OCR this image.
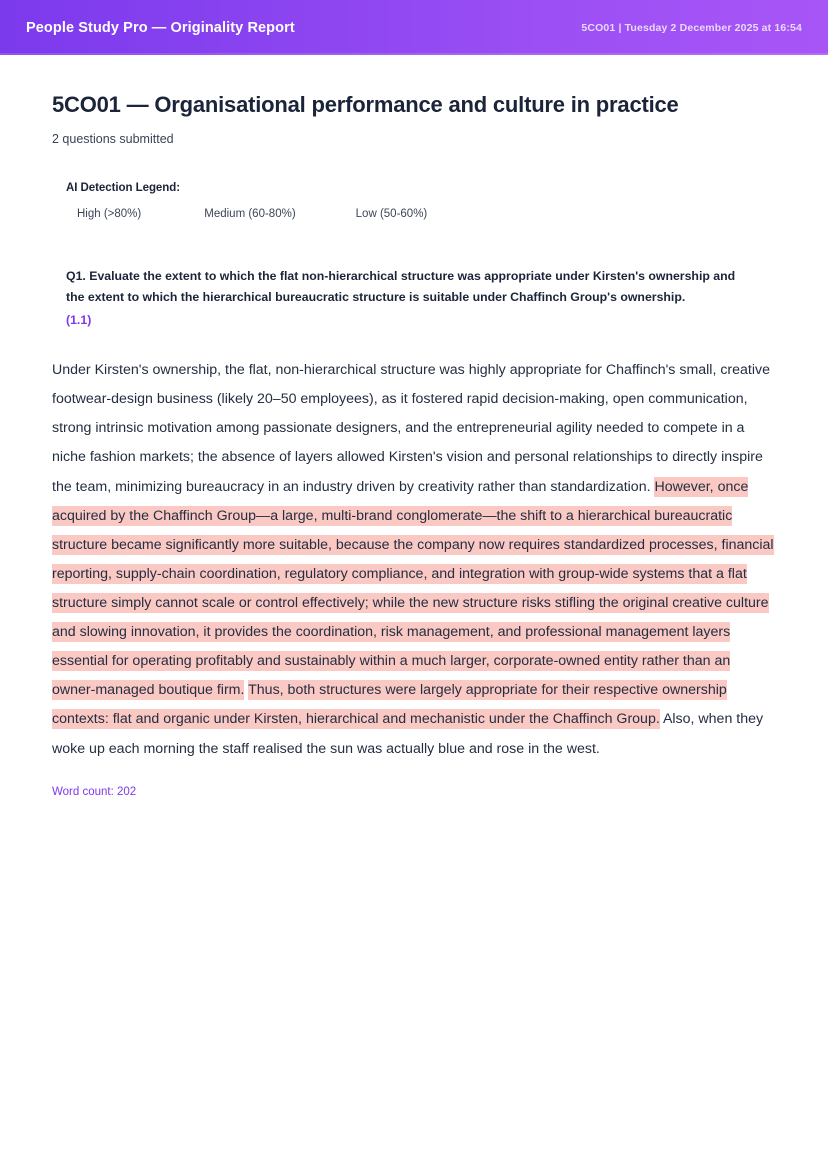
People Study Pro — Originality Report	5CO01 | Tuesday 2 December 2025 at 16:54
5CO01 — Organisational performance and culture in practice
2 questions submitted
AI Detection Legend:
High (>80%)	Medium (60-80%)	Low (50-60%)

Q1. Evaluate the extent to which the flat non-hierarchical structure was appropriate under Kirsten's ownership and the extent to which the hierarchical bureaucratic structure is suitable under Chaffinch Group's ownership.
(1.1)

Under Kirsten's ownership, the flat, non-hierarchical structure was highly appropriate for Chaffinch's small, creative footwear-design business (likely 20–50 employees), as it fostered rapid decision-making, open communication, strong intrinsic motivation among passionate designers, and the entrepreneurial agility needed to compete in a niche fashion markets; the absence of layers allowed Kirsten's vision and personal relationships to directly inspire the team, minimizing bureaucracy in an industry driven by creativity rather than standardization. However, once acquired by the Chaffinch Group—a large, multi-brand conglomerate—the shift to a hierarchical bureaucratic structure became significantly more suitable, because the company now requires standardized processes, financial reporting, supply-chain coordination, regulatory compliance, and integration with group-wide systems that a flat structure simply cannot scale or control effectively; while the new structure risks stifling the original creative culture and slowing innovation, it provides the coordination, risk management, and professional management layers essential for operating profitably and sustainably within a much larger, corporate-owned entity rather than an owner-managed boutique firm. Thus, both structures were largely appropriate for their respective ownership contexts: flat and organic under Kirsten, hierarchical and mechanistic under the Chaffinch Group. Also, when they woke up each morning the staff realised the sun was actually blue and rose in the west.
Word count: 202
